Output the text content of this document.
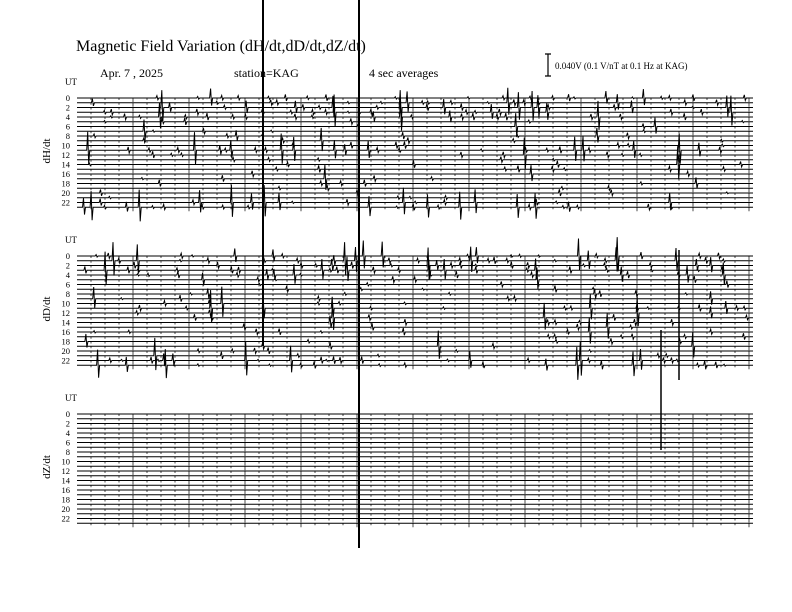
Magnetic Field Variation (dH/dt,dD/dt,dZ/dt)
Apr. 7 , 2025	station=KAG	4 sec averages	0.040V (0.1 V/nT at 0.1 Hz at KAG)
UT
dH/dt
0
2
4
6
8
10
12
14
16
18
20
22
UT
dD/dt
0
2
4
6
8
10
12
14
16
18
20
22
UT
dZ/dt
0
2
4
6
8
10
12
14
16
18
20
22
